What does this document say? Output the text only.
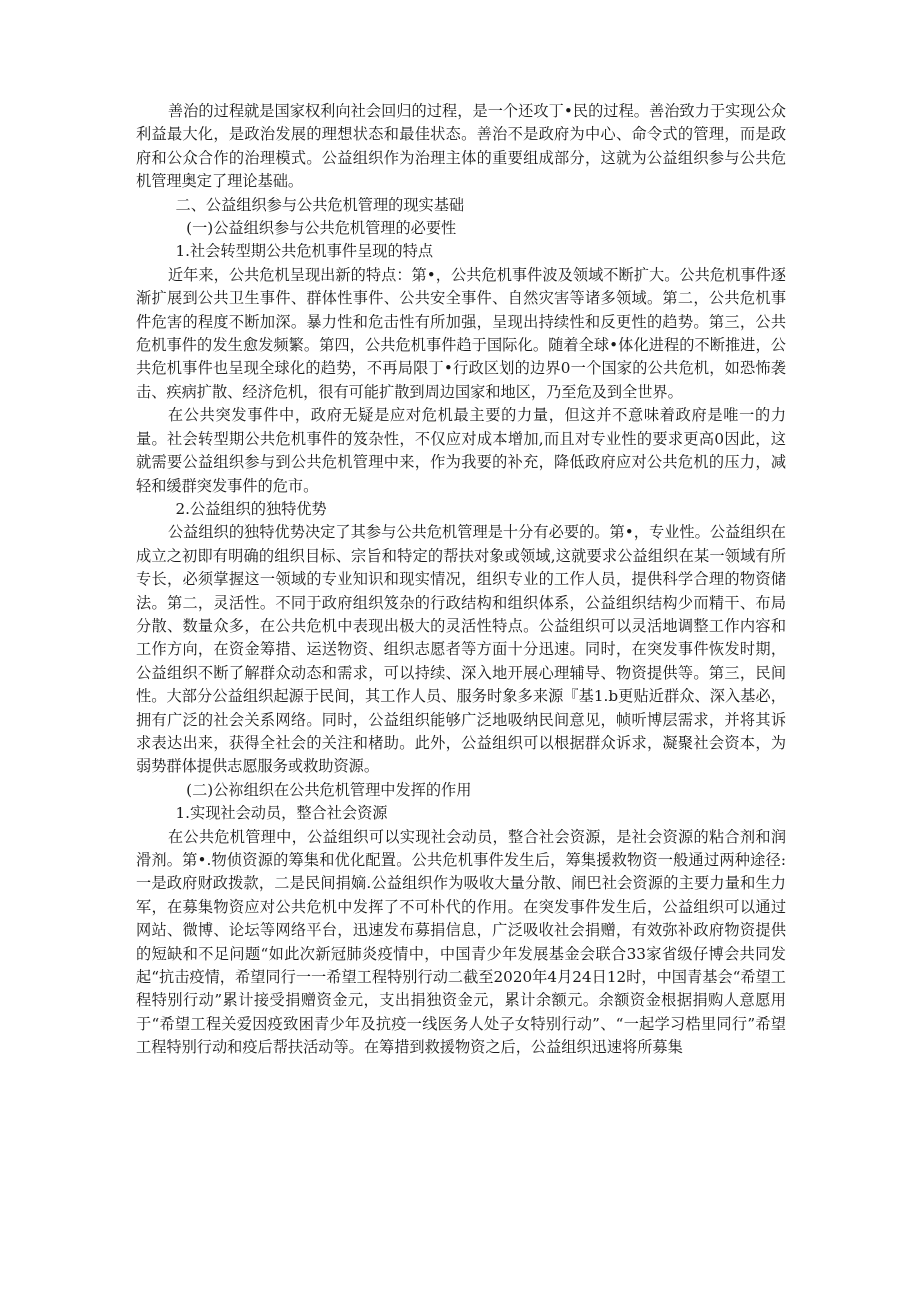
善治的过程就是国家权利向社会回归的过程，是一个还攻丁•民的过程。善治致力于实现公众利益最大化，是政治发展的理想状态和最佳状态。善治不是政府为中心、命令式的管理，而是政府和公众合作的治理模式。公益组织作为治理主体的重要组成部分，这就为公益组织参与公共危机管理奥定了理论基础。

二、公益组织参与公共危机管理的现实基础

(一)公益组织参与公共危机管理的必要性

1.社会转型期公共危机事件呈现的特点

近年来，公共危机呈现出新的特点：第•，公共危机事件波及领域不断扩大。公共危机事件逐渐扩展到公共卫生事件、群体性事件、公共安全事件、自然灾害等诸多领域。第二，公共危机事件危害的程度不断加深。暴力性和危击性有所加强，呈现出持续性和反更性的趋势。第三，公共危机事件的发生愈发频繁。第四，公共危机事件趋于国际化。随着全球•体化进程的不断推进，公共危机事件也呈现全球化的趋势，不再局限丁•行政区划的边界0一个国家的公共危机，如恐怖袭击、疾病扩散、经济危机，很有可能扩散到周边国家和地区，乃至危及到全世界。

在公共突发事件中，政府无疑是应对危机最主要的力量，但这并不意味着政府是唯一的力量。社会转型期公共危机事件的笈杂性，不仅应对成本增加,而且对专业性的要求更高0因此，这就需要公益组织参与到公共危机管理中来，作为我要的补充，降低政府应对公共危机的压力，减轻和缓群突发事件的危市。

2.公益组织的独特优势

公益组织的独特优势决定了其参与公共危机管理是十分有必要的。第•，专业性。公益组织在成立之初即有明确的组织目标、宗旨和特定的帮扶对象或领域,这就要求公益组织在某一领域有所专长，必须掌握这一领域的专业知识和现实情况，组织专业的工作人员，提供科学合理的物资储法。第二，灵活性。不同于政府组织笈杂的行政结构和组织体系，公益组织结构少而精干、布局分散、数量众多，在公共危机中表现出极大的灵活性特点。公益组织可以灵活地调整工作内容和工作方向，在资金筹措、运送物资、组织志愿者等方面十分迅速。同时，在突发事件恢发时期，公益组织不断了解群众动态和需求，可以持续、深入地开展心理辅导、物资提供等。第三，民间性。大部分公益组织起源于民间，其工作人员、服务时象多来源『基1.b更贴近群众、深入基必，拥有广泛的社会关系网络。同时，公益组织能够广泛地吸纳民间意见，帧听博层需求，并将其诉求表达出来，获得全社会的关注和楮助。此外，公益组织可以根据群众诉求，凝聚社会资本，为弱势群体提供志愿服务或救助资源。

(二)公祢组织在公共危机管理中发挥的作用

1.实现社会动员，整合社会资源

在公共危机管理中，公益组织可以实现社会动员，整合社会资源，是社会资源的粘合剂和润滑剂。第•.物侦资源的筹集和优化配置。公共危机事件发生后，筹集援救物资一般通过两种途径:一是政府财政拨款，二是民间捐嫡.公益组织作为吸收大量分散、闹巴社会资源的主要力量和生力军，在募集物资应对公共危机中发挥了不可朴代的作用。在突发事件发生后，公益组织可以通过网站、微博、论坛等网络平台，迅速发布募捐信息，广泛吸收社会捐赠，有效弥补政府物资提供的短缺和不足问题“如此次新冠肺炎疫情中，中国青少年发展基金会联合33家省级仔博会共同发起“抗击疫情，希望同行一一希望工程特别行动二截至2020年4月24日12时，中国青基会“希望工程特别行动”累计接受捐赠资金元，支出捐独资金元，累计余额元。余额资金根据捐购人意愿用于“希望工程关爱因疫致困青少年及抗疫一线医务人处子女特别行动”、“一起学习梏里同行”希望工程特别行动和疫后帮扶活动等。在筹措到救援物资之后，公益组织迅速将所募集
